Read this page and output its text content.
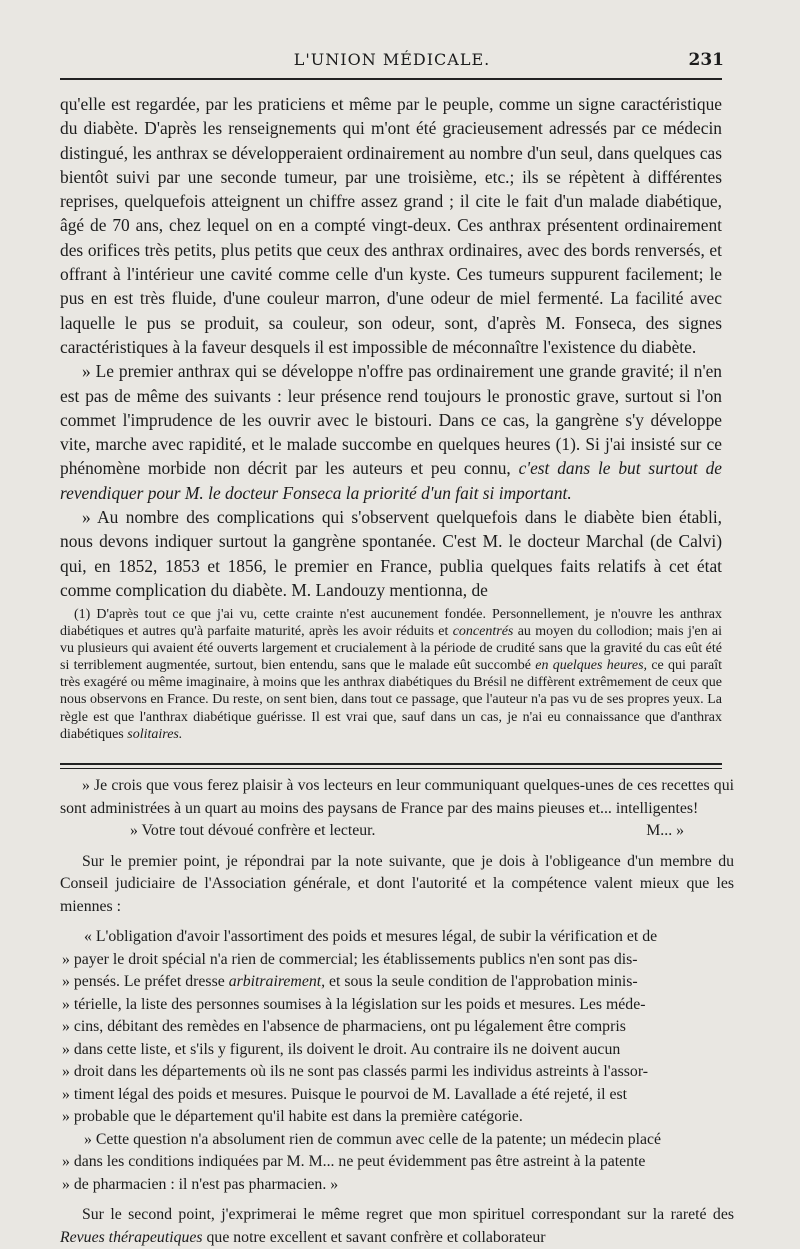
L'UNION MÉDICALE.	231

qu'elle est regardée, par les praticiens et même par le peuple, comme un signe caractéristique du diabète. D'après les renseignements qui m'ont été gracieusement adressés par ce médecin distingué, les anthrax se développeraient ordinairement au nombre d'un seul, dans quelques cas bientôt suivi par une seconde tumeur, par une troisième, etc.; ils se répètent à différentes reprises, quelquefois atteignent un chiffre assez grand ; il cite le fait d'un malade diabétique, âgé de 70 ans, chez lequel on en a compté vingt-deux. Ces anthrax présentent ordinairement des orifices très petits, plus petits que ceux des anthrax ordinaires, avec des bords renversés, et offrant à l'intérieur une cavité comme celle d'un kyste. Ces tumeurs suppurent facilement; le pus en est très fluide, d'une couleur marron, d'une odeur de miel fermenté. La facilité avec laquelle le pus se produit, sa couleur, son odeur, sont, d'après M. Fonseca, des signes caractéristiques à la faveur desquels il est impossible de méconnaître l'existence du diabète.

» Le premier anthrax qui se développe n'offre pas ordinairement une grande gravité; il n'en est pas de même des suivants : leur présence rend toujours le pronostic grave, surtout si l'on commet l'imprudence de les ouvrir avec le bistouri. Dans ce cas, la gangrène s'y développe vite, marche avec rapidité, et le malade succombe en quelques heures (1). Si j'ai insisté sur ce phénomène morbide non décrit par les auteurs et peu connu, c'est dans le but surtout de revendiquer pour M. le docteur Fonseca la priorité d'un fait si important.

» Au nombre des complications qui s'observent quelquefois dans le diabète bien établi, nous devons indiquer surtout la gangrène spontanée. C'est M. le docteur Marchal (de Calvi) qui, en 1852, 1853 et 1856, le premier en France, publia quelques faits relatifs à cet état comme complication du diabète. M. Landouzy mentionna, de

(1) D'après tout ce que j'ai vu, cette crainte n'est aucunement fondée. Personnellement, je n'ouvre les anthrax diabétiques et autres qu'à parfaite maturité, après les avoir réduits et concentrés au moyen du collodion; mais j'en ai vu plusieurs qui avaient été ouverts largement et crucialement à la période de crudité sans que la gravité du cas eût été si terriblement augmentée, surtout, bien entendu, sans que le malade eût succombé en quelques heures, ce qui paraît très exagéré ou même imaginaire, à moins que les anthrax diabétiques du Brésil ne diffèrent extrêmement de ceux que nous observons en France. Du reste, on sent bien, dans tout ce passage, que l'auteur n'a pas vu de ses propres yeux. La règle est que l'anthrax diabétique guérisse. Il est vrai que, sauf dans un cas, je n'ai eu connaissance que d'anthrax diabétiques solitaires.

» Je crois que vous ferez plaisir à vos lecteurs en leur communiquant quelques-unes de ces recettes qui sont administrées à un quart au moins des paysans de France par des mains pieuses et... intelligentes!

» Votre tout dévoué confrère et lecteur.	M... »

Sur le premier point, je répondrai par la note suivante, que je dois à l'obligeance d'un membre du Conseil judiciaire de l'Association générale, et dont l'autorité et la compétence valent mieux que les miennes :

« L'obligation d'avoir l'assortiment des poids et mesures légal, de subir la vérification et de

» payer le droit spécial n'a rien de commercial; les établissements publics n'en sont pas dis-

» pensés. Le préfet dresse arbitrairement, et sous la seule condition de l'approbation minis-

» térielle, la liste des personnes soumises à la législation sur les poids et mesures. Les méde-

» cins, débitant des remèdes en l'absence de pharmaciens, ont pu légalement être compris

» dans cette liste, et s'ils y figurent, ils doivent le droit. Au contraire ils ne doivent aucun

» droit dans les départements où ils ne sont pas classés parmi les individus astreints à l'assor-

» timent légal des poids et mesures. Puisque le pourvoi de M. Lavallade a été rejeté, il est

» probable que le département qu'il habite est dans la première catégorie.

» Cette question n'a absolument rien de commun avec celle de la patente; un médecin placé

» dans les conditions indiquées par M. M... ne peut évidemment pas être astreint à la patente

» de pharmacien : il n'est pas pharmacien. »

Sur le second point, j'exprimerai le même regret que mon spirituel correspondant sur la rareté des Revues thérapeutiques que notre excellent et savant confrère et collaborateur
